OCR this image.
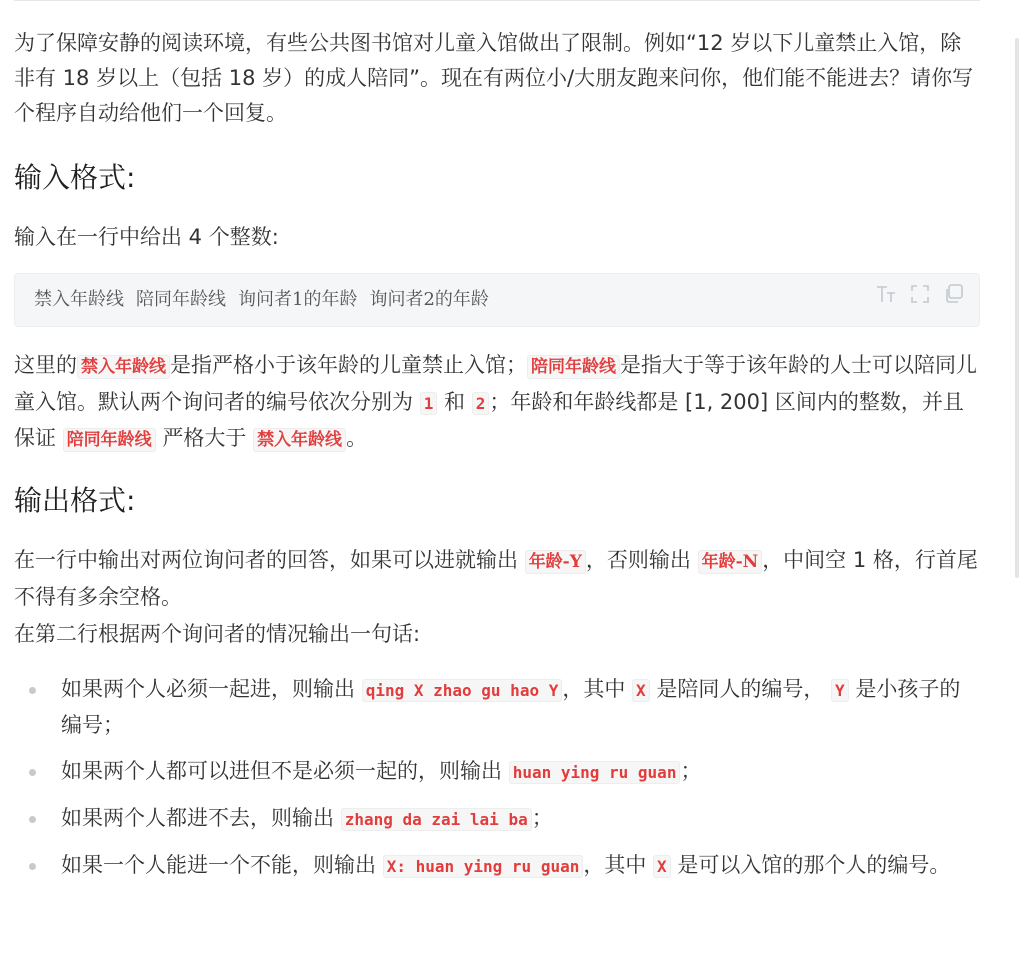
为了保障安静的阅读环境，有些公共图书馆对儿童入馆做出了限制。例如“12 岁以下儿童禁止入馆，除非有 18 岁以上（包括 18 岁）的成人陪同”。现在有两位小/大朋友跑来问你，他们能不能进去？请你写个程序自动给他们一个回复。

输入格式:

输入在一行中给出 4 个整数:

禁入年龄线 陪同年龄线 询问者1的年龄 询问者2的年龄

这里的 禁入年龄线 是指严格小于该年龄的儿童禁止入馆； 陪同年龄线 是指大于等于该年龄的人士可以陪同儿童入馆。默认两个询问者的编号依次分别为 1 和 2 ；年龄和年龄线都是 [1, 200] 区间内的整数，并且保证 陪同年龄线 严格大于 禁入年龄线 。

输出格式:

在一行中输出对两位询问者的回答，如果可以进就输出 年龄-Y ，否则输出 年龄-N ，中间空 1 格，行首尾不得有多余空格。

在第二行根据两个询问者的情况输出一句话:

如果两个人必须一起进，则输出 qing X zhao gu hao Y ，其中 X 是陪同人的编号， Y 是小孩子的编号；
如果两个人都可以进但不是必须一起的，则输出 huan ying ru guan ；
如果两个人都进不去，则输出 zhang da zai lai ba ；
如果一个人能进一个不能，则输出 X: huan ying ru guan ，其中 X 是可以入馆的那个人的编号。
